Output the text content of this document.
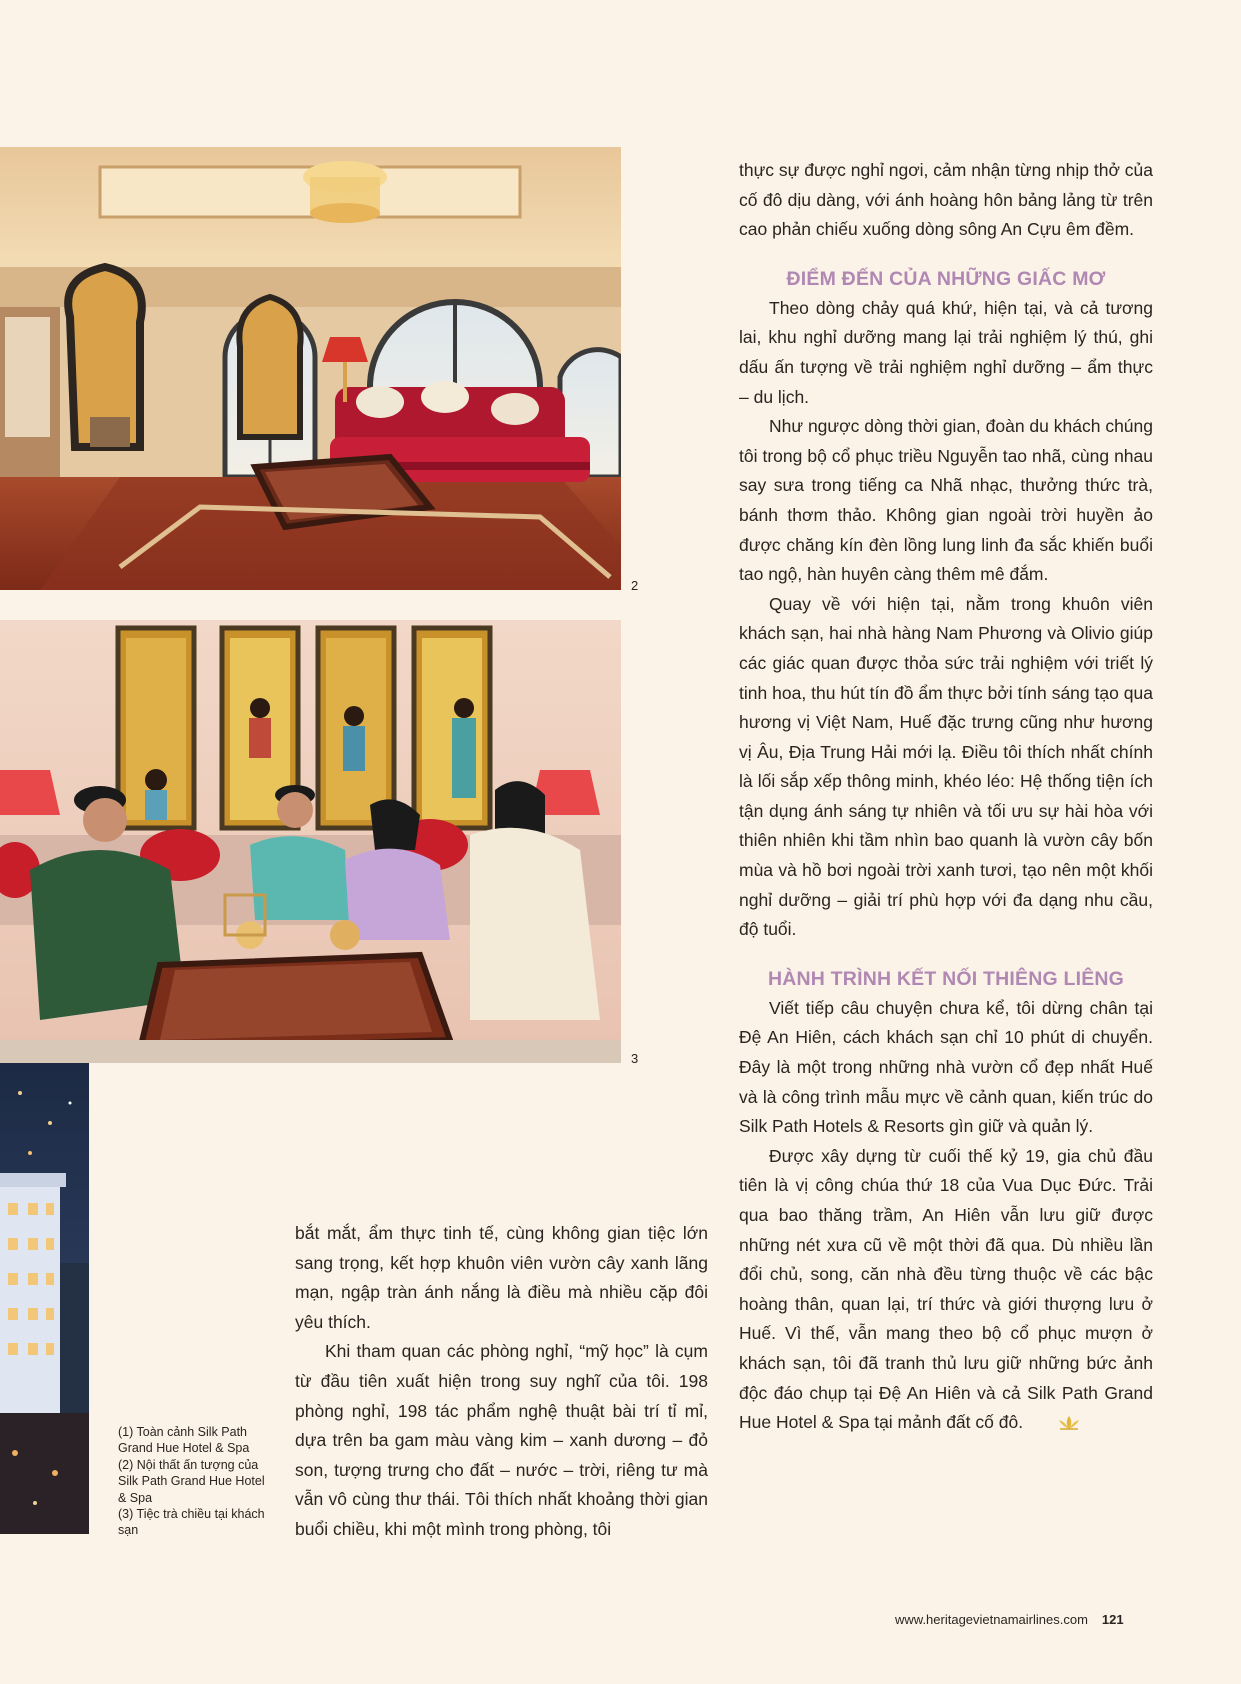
2
3
(1) Toàn cảnh Silk Path Grand Hue Hotel & Spa
(2) Nội thất ấn tượng của Silk Path Grand Hue Hotel & Spa
(3) Tiệc trà chiều tại khách sạn

bắt mắt, ẩm thực tinh tế, cùng không gian tiệc lớn sang trọng, kết hợp khuôn viên vườn cây xanh lãng mạn, ngập tràn ánh nắng là điều mà nhiều cặp đôi yêu thích.

Khi tham quan các phòng nghỉ, “mỹ học” là cụm từ đầu tiên xuất hiện trong suy nghĩ của tôi. 198 phòng nghỉ, 198 tác phẩm nghệ thuật bài trí tỉ mỉ, dựa trên ba gam màu vàng kim – xanh dương – đỏ son, tượng trưng cho đất – nước – trời, riêng tư mà vẫn vô cùng thư thái. Tôi thích nhất khoảng thời gian buổi chiều, khi một mình trong phòng, tôi

thực sự được nghỉ ngơi, cảm nhận từng nhịp thở của cố đô dịu dàng, với ánh hoàng hôn bảng lảng từ trên cao phản chiếu xuống dòng sông An Cựu êm đềm.

ĐIỂM ĐẾN CỦA NHỮNG GIẤC MƠ

Theo dòng chảy quá khứ, hiện tại, và cả tương lai, khu nghỉ dưỡng mang lại trải nghiệm lý thú, ghi dấu ấn tượng về trải nghiệm nghỉ dưỡng – ẩm thực – du lịch.

Như ngược dòng thời gian, đoàn du khách chúng tôi trong bộ cổ phục triều Nguyễn tao nhã, cùng nhau say sưa trong tiếng ca Nhã nhạc, thưởng thức trà, bánh thơm thảo. Không gian ngoài trời huyền ảo được chăng kín đèn lồng lung linh đa sắc khiến buổi tao ngộ, hàn huyên càng thêm mê đắm.

Quay về với hiện tại, nằm trong khuôn viên khách sạn, hai nhà hàng Nam Phương và Olivio giúp các giác quan được thỏa sức trải nghiệm với triết lý tinh hoa, thu hút tín đồ ẩm thực bởi tính sáng tạo qua hương vị Việt Nam, Huế đặc trưng cũng như hương vị Âu, Địa Trung Hải mới lạ. Điều tôi thích nhất chính là lối sắp xếp thông minh, khéo léo: Hệ thống tiện ích tận dụng ánh sáng tự nhiên và tối ưu sự hài hòa với thiên nhiên khi tầm nhìn bao quanh là vườn cây bốn mùa và hồ bơi ngoài trời xanh tươi, tạo nên một khối nghỉ dưỡng – giải trí phù hợp với đa dạng nhu cầu, độ tuổi.

HÀNH TRÌNH KẾT NỐI THIÊNG LIÊNG

Viết tiếp câu chuyện chưa kể, tôi dừng chân tại Đệ An Hiên, cách khách sạn chỉ 10 phút di chuyển. Đây là một trong những nhà vườn cổ đẹp nhất Huế và là công trình mẫu mực về cảnh quan, kiến trúc do Silk Path Hotels & Resorts gìn giữ và quản lý.

Được xây dựng từ cuối thế kỷ 19, gia chủ đầu tiên là vị công chúa thứ 18 của Vua Dục Đức. Trải qua bao thăng trầm, An Hiên vẫn lưu giữ được những nét xưa cũ về một thời đã qua. Dù nhiều lần đổi chủ, song, căn nhà đều từng thuộc về các bậc hoàng thân, quan lại, trí thức và giới thượng lưu ở Huế. Vì thế, vẫn mang theo bộ cổ phục mượn ở khách sạn, tôi đã tranh thủ lưu giữ những bức ảnh độc đáo chụp tại Đệ An Hiên và cả Silk Path Grand Hue Hotel & Spa tại mảnh đất cố đô.

www.heritagevietnamairlines.com 121
